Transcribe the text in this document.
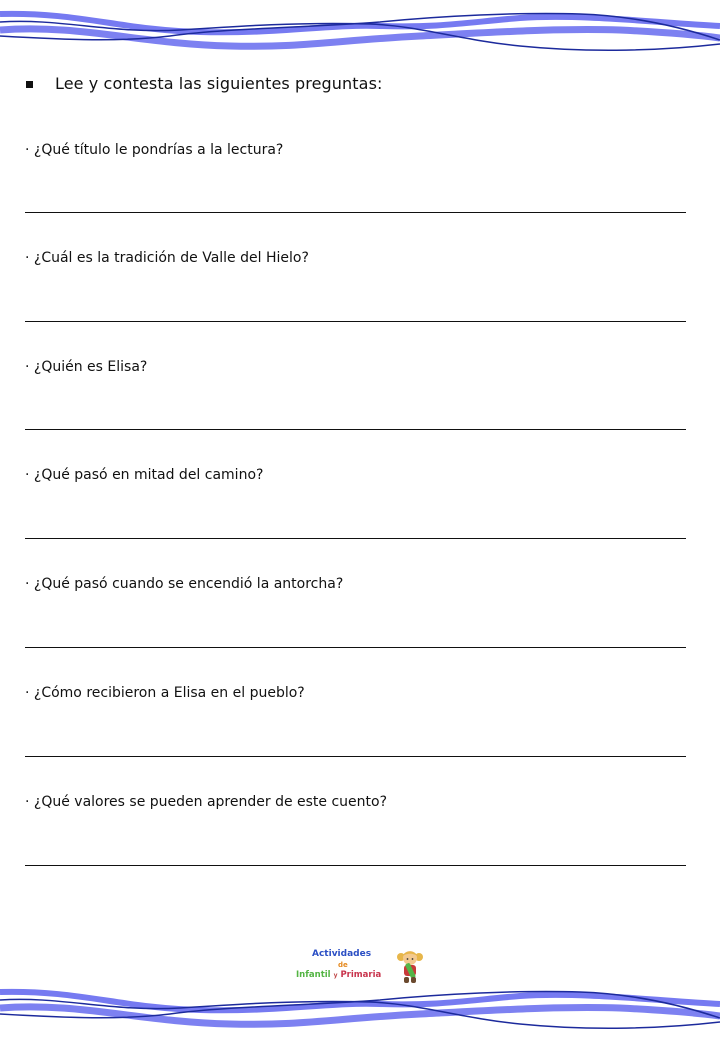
Lee y contesta las siguientes preguntas:
· ¿Qué título le pondrías a la lectura?
· ¿Cuál es la tradición de Valle del Hielo?
· ¿Quién es Elisa?
· ¿Qué pasó en mitad del camino?
· ¿Qué pasó cuando se encendió la antorcha?
· ¿Cómo recibieron a Elisa en el pueblo?
· ¿Qué valores se pueden aprender de este cuento?
Actividades
de
Infantil y Primaria
